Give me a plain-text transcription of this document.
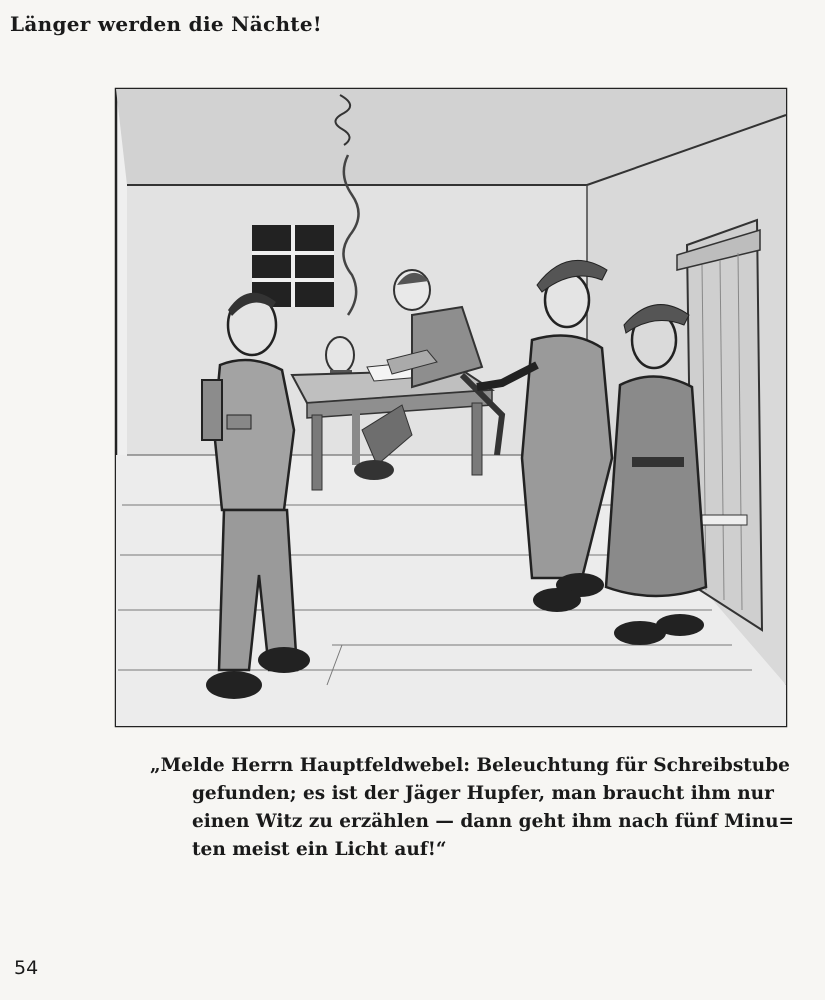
Länger werden die Nächte!
„Melde Herrn Hauptfeldwebel: Beleuchtung für Schreibstube
gefunden; es ist der Jäger Hupfer, man braucht ihm nur
einen Witz zu erzählen — dann geht ihm nach fünf Minu=
ten meist ein Licht auf!“
54
